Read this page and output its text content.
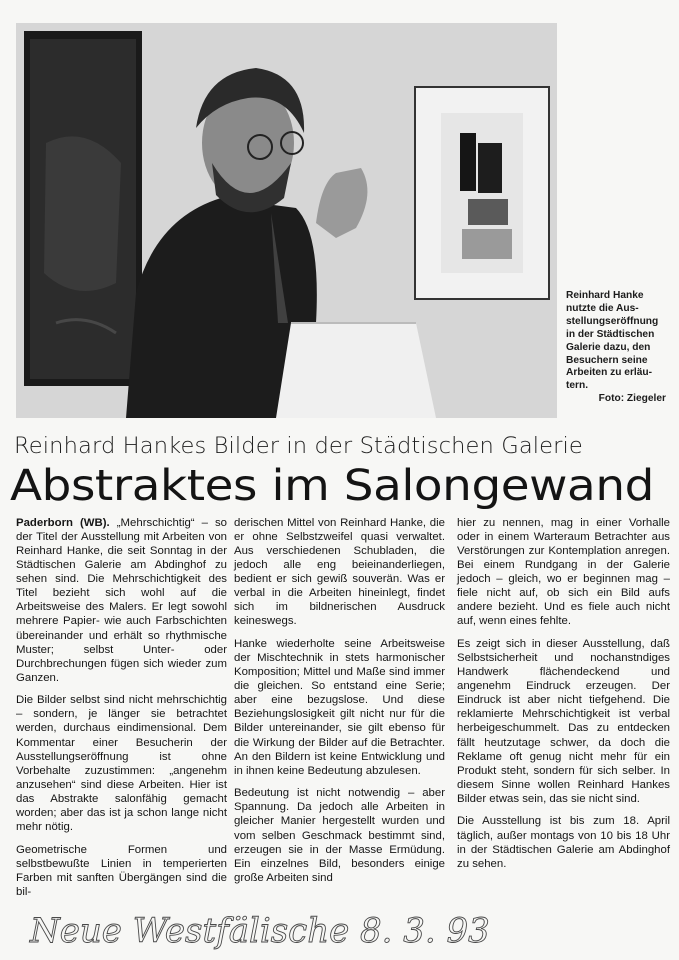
Reinhard Hanke
nutzte die Aus-
stellungseröffnung
in der Städtischen
Galerie dazu, den
Besuchern seine
Arbeiten zu erläu-
tern.
Foto: Ziegeler
Reinhard Hankes Bilder in der Städtischen Galerie
Abstraktes im Salongewand

Paderborn (WB). „Mehrschichtig“ – so der Titel der Ausstellung mit Arbeiten von Reinhard Hanke, die seit Sonntag in der Städtischen Galerie am Abdinghof zu sehen sind. Die Mehrschichtigkeit des Titel bezieht sich wohl auf die Arbeitsweise des Malers. Er legt sowohl mehrere Papier- wie auch Farbschichten übereinander und erhält so rhythmische Muster; selbst Unter- oder Durchbrechungen fügen sich wieder zum Ganzen.

Die Bilder selbst sind nicht mehrschichtig – sondern, je länger sie betrachtet werden, durchaus eindimensional. Dem Kommentar einer Besucherin der Ausstellungseröffnung ist ohne Vorbehalte zuzustimmen: „angenehm anzusehen“ sind diese Arbeiten. Hier ist das Abstrakte salonfähig gemacht worden; aber das ist ja schon lange nicht mehr nötig.

Geometrische Formen und selbstbewußte Linien in temperierten Farben mit sanften Übergängen sind die bil-

derischen Mittel von Reinhard Hanke, die er ohne Selbstzweifel quasi verwaltet. Aus verschiedenen Schubladen, die jedoch alle eng beieinanderliegen, bedient er sich gewiß souverän. Was er verbal in die Arbeiten hineinlegt, findet sich im bildnerischen Ausdruck keineswegs.

Hanke wiederholte seine Arbeitsweise der Mischtechnik in stets harmonischer Komposition; Mittel und Maße sind immer die gleichen. So entstand eine Serie; aber eine bezugslose. Und diese Beziehungslosigkeit gilt nicht nur für die Bilder untereinander, sie gilt ebenso für die Wirkung der Bilder auf die Betrachter. An den Bildern ist keine Entwicklung und in ihnen keine Bedeutung abzulesen.

Bedeutung ist nicht notwendig – aber Spannung. Da jedoch alle Arbeiten in gleicher Manier hergestellt wurden und vom selben Geschmack bestimmt sind, erzeugen sie in der Masse Ermüdung. Ein einzelnes Bild, besonders einige große Arbeiten sind

hier zu nennen, mag in einer Vorhalle oder in einem Warteraum Betrachter aus Verstörungen zur Kontemplation anregen. Bei einem Rundgang in der Galerie jedoch – gleich, wo er beginnen mag – fiele nicht auf, ob sich ein Bild aufs andere bezieht. Und es fiele auch nicht auf, wenn eines fehlte.

Es zeigt sich in dieser Ausstellung, daß Selbstsicherheit und nochanstndiges Handwerk flächendeckend und angenehm Eindruck erzeugen. Der Eindruck ist aber nicht tiefgehend. Die reklamierte Mehrschichtigkeit ist verbal herbeigeschummelt. Das zu entdecken fällt heutzutage schwer, da doch die Reklame oft genug nicht mehr für ein Produkt steht, sondern für sich selber. In diesem Sinne wollen Reinhard Hankes Bilder etwas sein, das sie nicht sind.

Die Ausstellung ist bis zum 18. April täglich, außer montags von 10 bis 18 Uhr in der Städtischen Galerie am Abdinghof zu sehen.

Neue Westfälische 8. 3. 93
